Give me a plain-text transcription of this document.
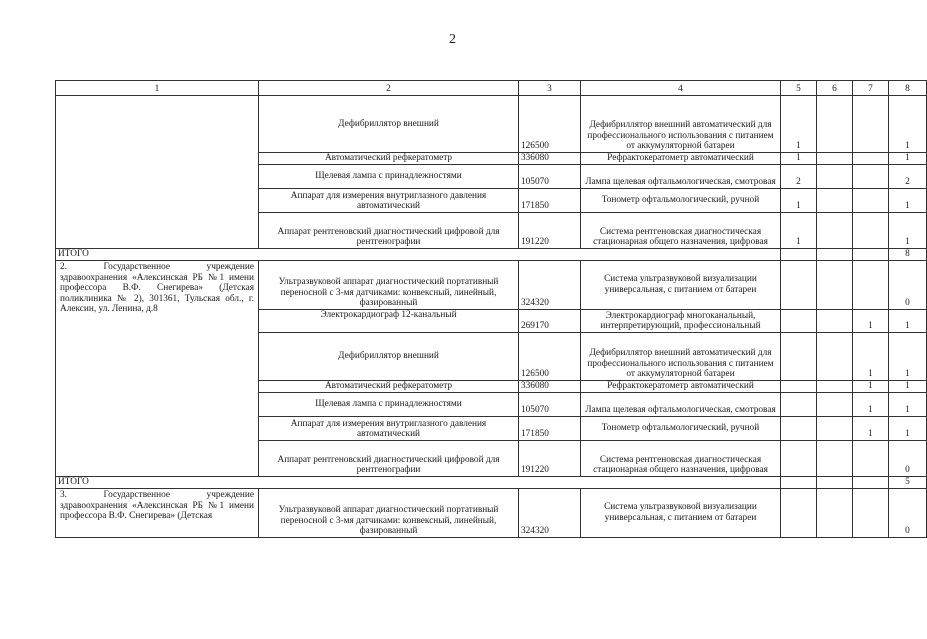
2
1	2	3	4	5	6	7	8
	Дефибриллятор внешний	126500	Дефибриллятор внешний автоматический для профессионального использования с питанием от аккумуляторной батареи	1			1
	Автоматический рефкератометр	336080	Рефрактокератометр автоматический	1			1
	Щелевая лампа с принадлежностями	105070	Лампа щелевая офтальмологическая, смотровая	2			2
	Аппарат для измерения внутриглазного давления автоматический	171850	Тонометр офтальмологический, ручной	1			1
	Аппарат рентгеновский диагностический цифровой для рентгенографии	191220	Система рентгеновская диагностическая стационарная общего назначения, цифровая	1			1
ИТОГО							8
2. Государственное учреждение здравоохранения «Алексинская РБ №1 имени профессора В.Ф. Снегирева» (Детская поликлиника № 2), 301361, Тульская обл., г. Алексин, ул. Ленина, д.8	Ультразвуковой аппарат диагностический портативный переносной с 3-мя датчиками: конвексный, линейный, фазированный	324320	Система ультразвуковой визуализации универсальная, с питанием от батареи				0
	Электрокардиограф 12-канальный	269170	Электрокардиограф многоканальный, интерпретирующий, профессиональный			1	1
	Дефибриллятор внешний	126500	Дефибриллятор внешний автоматический для профессионального использования с питанием от аккумуляторной батареи			1	1
	Автоматический рефкератометр	336080	Рефрактокератометр автоматический			1	1
	Щелевая лампа с принадлежностями	105070	Лампа щелевая офтальмологическая, смотровая			1	1
	Аппарат для измерения внутриглазного давления автоматический	171850	Тонометр офтальмологический, ручной			1	1
	Аппарат рентгеновский диагностический цифровой для рентгенографии	191220	Система рентгеновская диагностическая стационарная общего назначения, цифровая				0
ИТОГО							5
3. Государственное учреждение здравоохранения «Алексинская РБ №1 имени профессора В.Ф. Снегирева» (Детская	Ультразвуковой аппарат диагностический портативный переносной с 3-мя датчиками: конвексный, линейный, фазированный	324320	Система ультразвуковой визуализации универсальная, с питанием от батареи				0
